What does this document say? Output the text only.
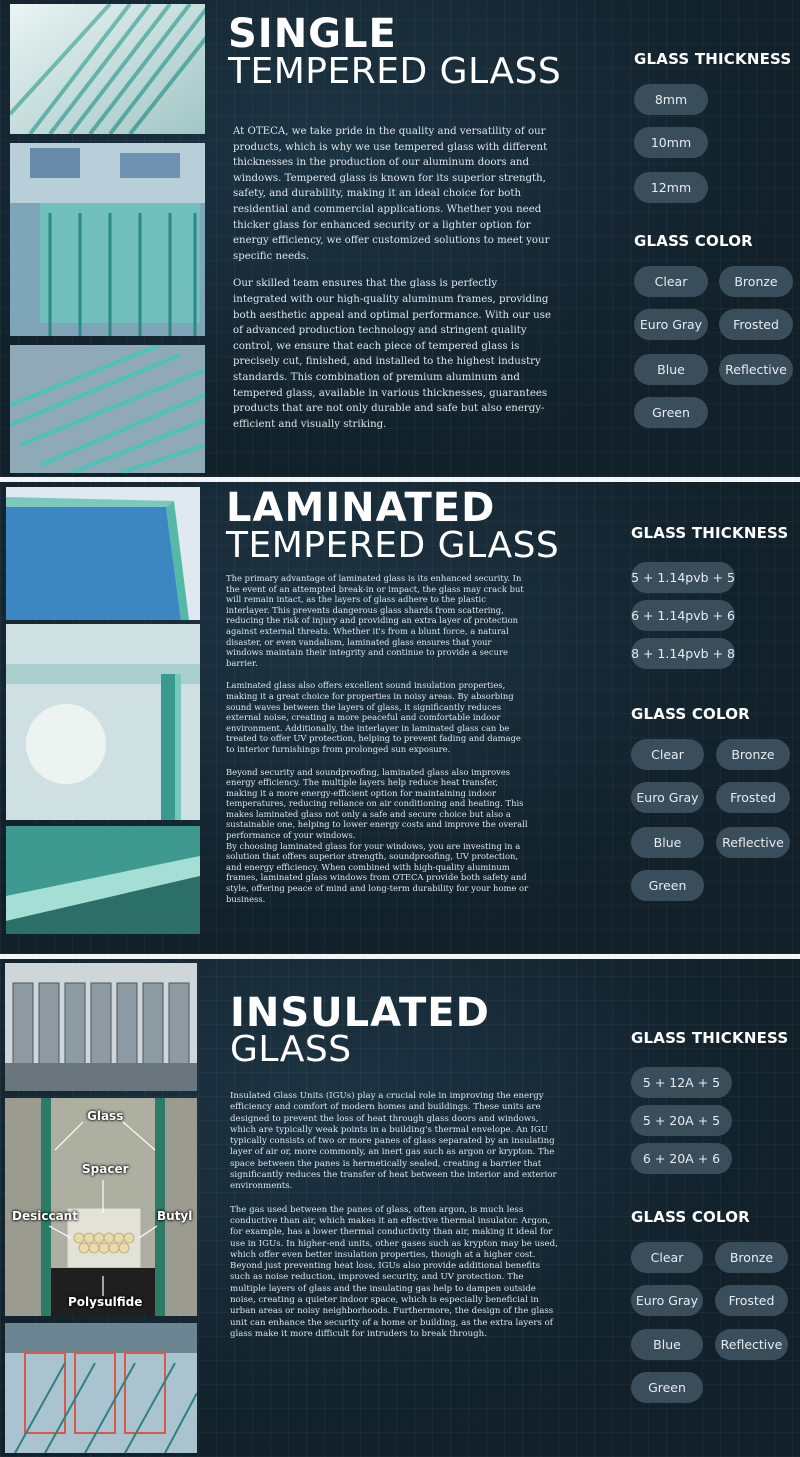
SINGLE
TEMPERED GLASS

At OTECA, we take pride in the quality and versatility of our products, which is why we use tempered glass with different thicknesses in the production of our aluminum doors and windows. Tempered glass is known for its superior strength, safety, and durability, making it an ideal choice for both residential and commercial applications. Whether you need thicker glass for enhanced security or a lighter option for energy efficiency, we offer customized solutions to meet your specific needs.

Our skilled team ensures that the glass is perfectly integrated with our high-quality aluminum frames, providing both aesthetic appeal and optimal performance. With our use of advanced production technology and stringent quality control, we ensure that each piece of tempered glass is precisely cut, finished, and installed to the highest industry standards. This combination of premium aluminum and tempered glass, available in various thicknesses, guarantees products that are not only durable and safe but also energy-efficient and visually striking.

GLASS THICKNESS
8mm
10mm
12mm
GLASS COLOR
Clear	Bronze
Euro Gray	Frosted
Blue	Reflective
Green
LAMINATED
TEMPERED GLASS

The primary advantage of laminated glass is its enhanced security. In the event of an attempted break-in or impact, the glass may crack but will remain intact, as the layers of glass adhere to the plastic interlayer. This prevents dangerous glass shards from scattering, reducing the risk of injury and providing an extra layer of protection against external threats. Whether it's from a blunt force, a natural disaster, or even vandalism, laminated glass ensures that your windows maintain their integrity and continue to provide a secure barrier.

Laminated glass also offers excellent sound insulation properties, making it a great choice for properties in noisy areas. By absorbing sound waves between the layers of glass, it significantly reduces external noise, creating a more peaceful and comfortable indoor environment. Additionally, the interlayer in laminated glass can be treated to offer UV protection, helping to prevent fading and damage to interior furnishings from prolonged sun exposure.

Beyond security and soundproofing, laminated glass also improves energy efficiency. The multiple layers help reduce heat transfer, making it a more energy-efficient option for maintaining indoor temperatures, reducing reliance on air conditioning and heating. This makes laminated glass not only a safe and secure choice but also a sustainable one, helping to lower energy costs and improve the overall performance of your windows.

By choosing laminated glass for your windows, you are investing in a solution that offers superior strength, soundproofing, UV protection, and energy efficiency. When combined with high-quality aluminum frames, laminated glass windows from OTECA provide both safety and style, offering peace of mind and long-term durability for your home or business.

GLASS THICKNESS
5 + 1.14pvb + 5
6 + 1.14pvb + 6
8 + 1.14pvb + 8
GLASS COLOR
Clear	Bronze
Euro Gray	Frosted
Blue	Reflective
Green
Glass
Spacer
Desiccant	Butyl
Polysulfide
INSULATED
GLASS

Insulated Glass Units (IGUs) play a crucial role in improving the energy efficiency and comfort of modern homes and buildings. These units are designed to prevent the loss of heat through glass doors and windows, which are typically weak points in a building's thermal envelope. An IGU typically consists of two or more panes of glass separated by an insulating layer of air or, more commonly, an inert gas such as argon or krypton. The space between the panes is hermetically sealed, creating a barrier that significantly reduces the transfer of heat between the interior and exterior environments.

The gas used between the panes of glass, often argon, is much less conductive than air, which makes it an effective thermal insulator. Argon, for example, has a lower thermal conductivity than air, making it ideal for use in IGUs. In higher-end units, other gases such as krypton may be used, which offer even better insulation properties, though at a higher cost. Beyond just preventing heat loss, IGUs also provide additional benefits such as noise reduction, improved security, and UV protection. The multiple layers of glass and the insulating gas help to dampen outside noise, creating a quieter indoor space, which is especially beneficial in urban areas or noisy neighborhoods. Furthermore, the design of the glass unit can enhance the security of a home or building, as the extra layers of glass make it more difficult for intruders to break through.

GLASS THICKNESS
5 + 12A + 5
5 + 20A + 5
6 + 20A + 6
GLASS COLOR
Clear	Bronze
Euro Gray	Frosted
Blue	Reflective
Green
